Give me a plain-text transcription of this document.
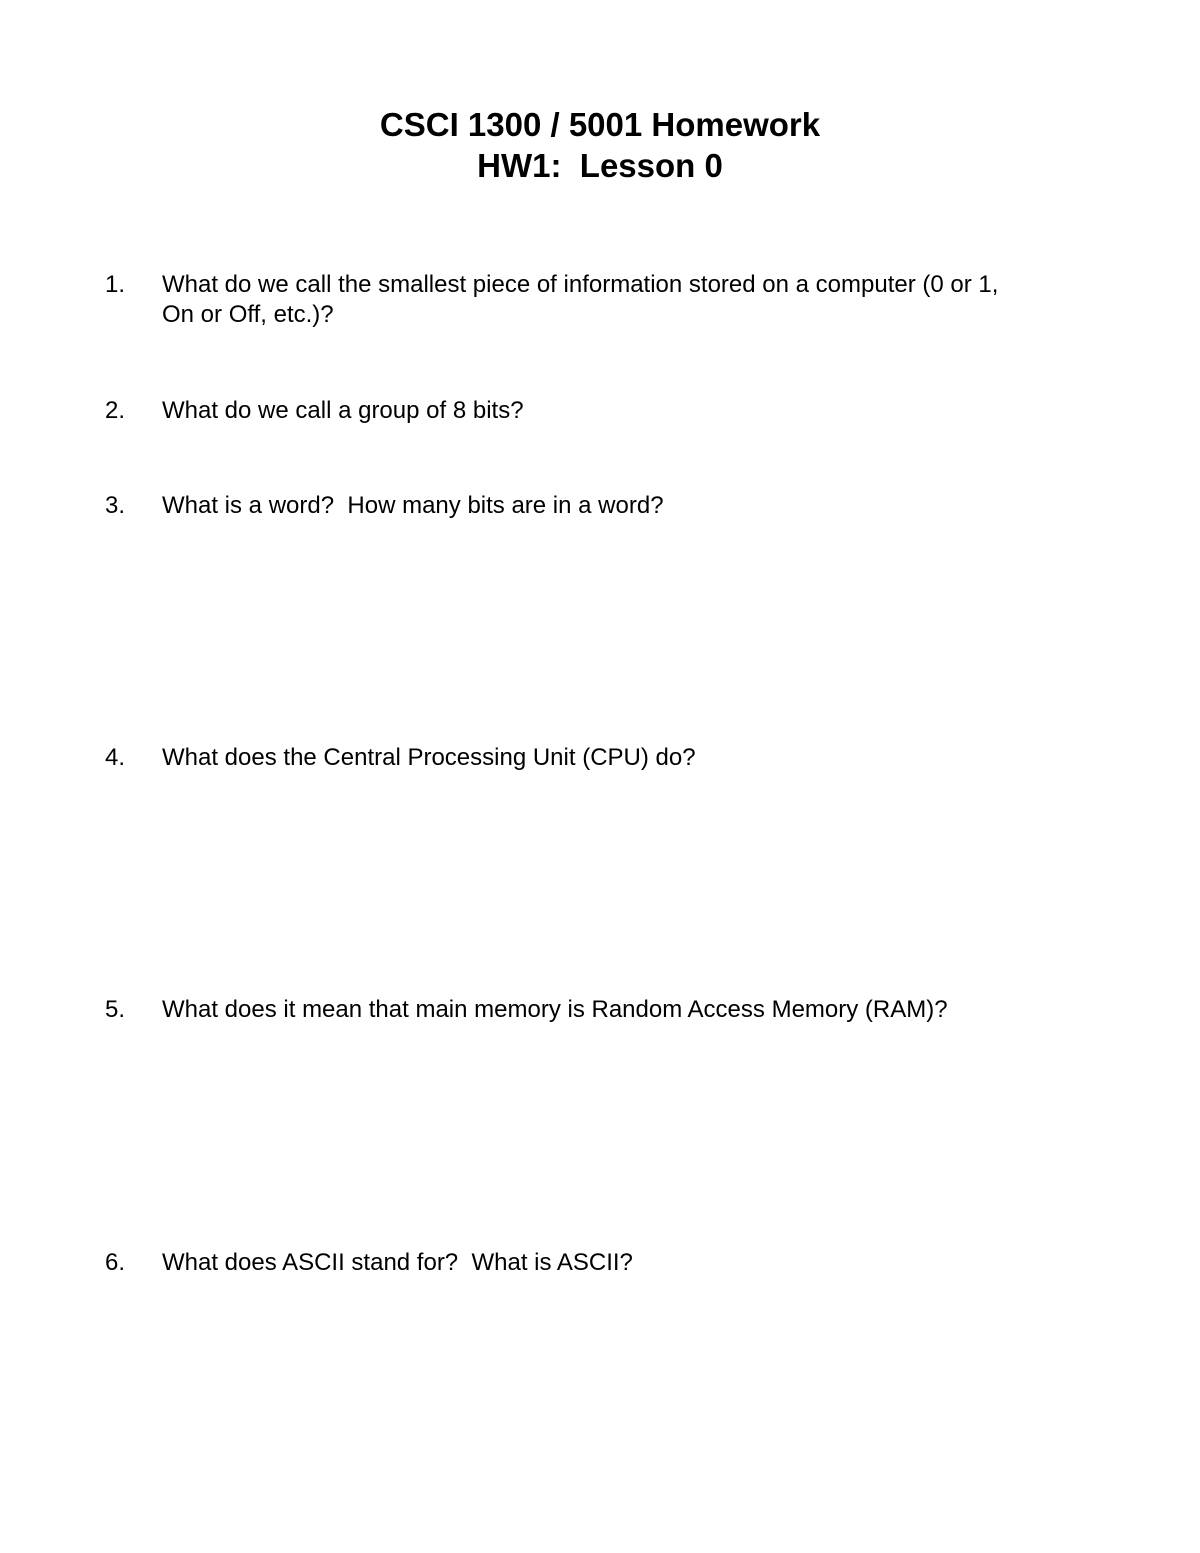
CSCI 1300 / 5001 Homework
HW1:  Lesson 0
1. What do we call the smallest piece of information stored on a computer (0 or 1,
On or Off, etc.)?
2. What do we call a group of 8 bits?
3. What is a word?  How many bits are in a word?
4. What does the Central Processing Unit (CPU) do?
5. What does it mean that main memory is Random Access Memory (RAM)?
6. What does ASCII stand for?  What is ASCII?
